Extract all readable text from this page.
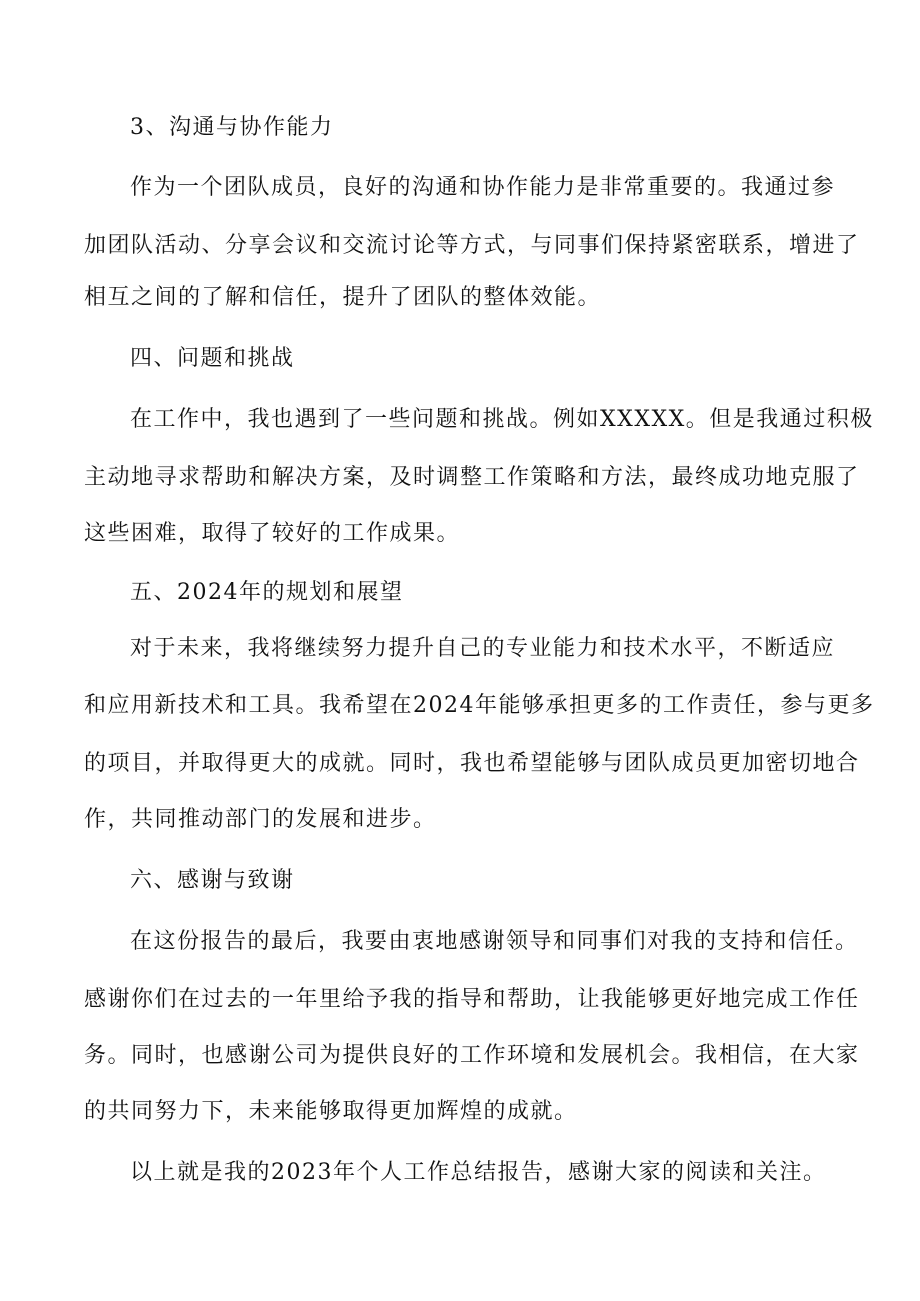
3、沟通与协作能力
作为一个团队成员，良好的沟通和协作能力是非常重要的。我通过参
加团队活动、分享会议和交流讨论等方式，与同事们保持紧密联系，增进了
相互之间的了解和信任，提升了团队的整体效能。
四、问题和挑战
在工作中，我也遇到了一些问题和挑战。例如XXXXX。但是我通过积极
主动地寻求帮助和解决方案，及时调整工作策略和方法，最终成功地克服了
这些困难，取得了较好的工作成果。
五、2024年的规划和展望
对于未来，我将继续努力提升自己的专业能力和技术水平，不断适应
和应用新技术和工具。我希望在2024年能够承担更多的工作责任，参与更多
的项目，并取得更大的成就。同时，我也希望能够与团队成员更加密切地合
作，共同推动部门的发展和进步。
六、感谢与致谢
在这份报告的最后，我要由衷地感谢领导和同事们对我的支持和信任。
感谢你们在过去的一年里给予我的指导和帮助，让我能够更好地完成工作任
务。同时，也感谢公司为提供良好的工作环境和发展机会。我相信，在大家
的共同努力下，未来能够取得更加辉煌的成就。
以上就是我的2023年个人工作总结报告，感谢大家的阅读和关注。
